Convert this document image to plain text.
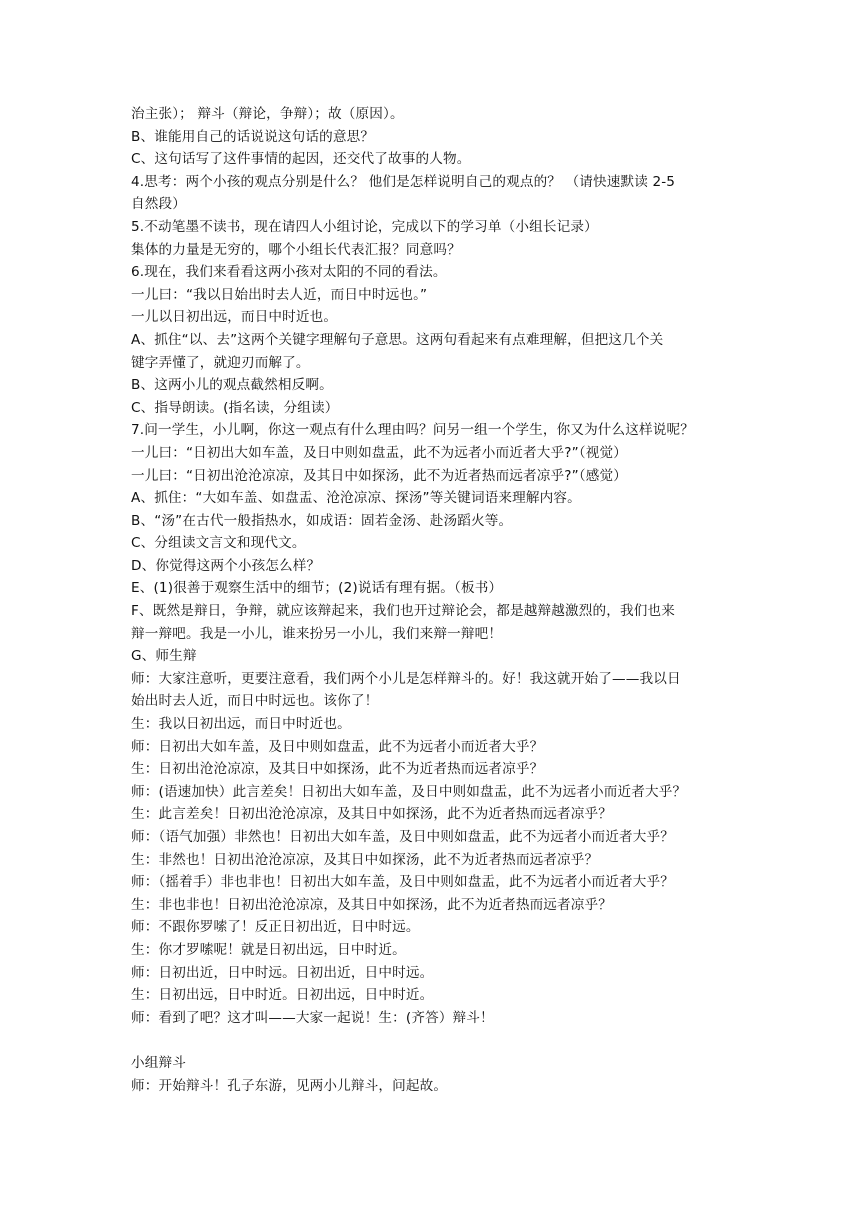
治主张）； 辩斗（辩论，争辩）；故（原因）。
B、谁能用自己的话说说这句话的意思？
C、这句话写了这件事情的起因，还交代了故事的人物。
4.思考：两个小孩的观点分别是什么？ 他们是怎样说明自己的观点的？ （请快速默读 2-5
自然段）
5.不动笔墨不读书，现在请四人小组讨论，完成以下的学习单（小组长记录）
集体的力量是无穷的，哪个小组长代表汇报？同意吗？
6.现在，我们来看看这两小孩对太阳的不同的看法。
一儿曰：“我以日始出时去人近，而日中时远也。”
一儿以日初出远，而日中时近也。
A、抓住“以、去”这两个关键字理解句子意思。这两句看起来有点难理解，但把这几个关
键字弄懂了，就迎刃而解了。
B、这两小儿的观点截然相反啊。
C、指导朗读。(指名读，分组读）
7.问一学生，小儿啊，你这一观点有什么理由吗？问另一组一个学生，你又为什么这样说呢？
一儿曰：“日初出大如车盖，及日中则如盘盂，此不为远者小而近者大乎?”（视觉）
一儿曰：“日初出沧沧凉凉，及其日中如探汤，此不为近者热而远者凉乎?”（感觉）
A、抓住：“大如车盖、如盘盂、沧沧凉凉、探汤”等关键词语来理解内容。
B、“汤”在古代一般指热水，如成语：固若金汤、赴汤蹈火等。
C、分组读文言文和现代文。
D、你觉得这两个小孩怎么样？
E、(1)很善于观察生活中的细节；(2)说话有理有据。（板书）
F、既然是辩日，争辩，就应该辩起来，我们也开过辩论会，都是越辩越激烈的，我们也来
辩一辩吧。我是一小儿，谁来扮另一小儿，我们来辩一辩吧！
G、师生辩
师：大家注意听，更要注意看，我们两个小儿是怎样辩斗的。好！我这就开始了——我以日
始出时去人近，而日中时远也。该你了！
生：我以日初出远，而日中时近也。
师：日初出大如车盖，及日中则如盘盂，此不为远者小而近者大乎？
生：日初出沧沧凉凉，及其日中如探汤，此不为近者热而远者凉乎？
师：(语速加快）此言差矣！日初出大如车盖，及日中则如盘盂，此不为远者小而近者大乎？
生：此言差矣！日初出沧沧凉凉，及其日中如探汤，此不为近者热而远者凉乎？
师：（语气加强）非然也！日初出大如车盖，及日中则如盘盂，此不为远者小而近者大乎？
生：非然也！日初出沧沧凉凉，及其日中如探汤，此不为近者热而远者凉乎？
师：（摇着手）非也非也！日初出大如车盖，及日中则如盘盂，此不为远者小而近者大乎？
生：非也非也！日初出沧沧凉凉，及其日中如探汤，此不为近者热而远者凉乎？
师：不跟你罗嗦了！反正日初出近，日中时远。
生：你才罗嗦呢！就是日初出远，日中时近。
师：日初出近，日中时远。日初出近，日中时远。
生：日初出远，日中时近。日初出远，日中时近。
师：看到了吧？这才叫——大家一起说！生：(齐答）辩斗！
小组辩斗
师：开始辩斗！孔子东游，见两小儿辩斗，问起故。
